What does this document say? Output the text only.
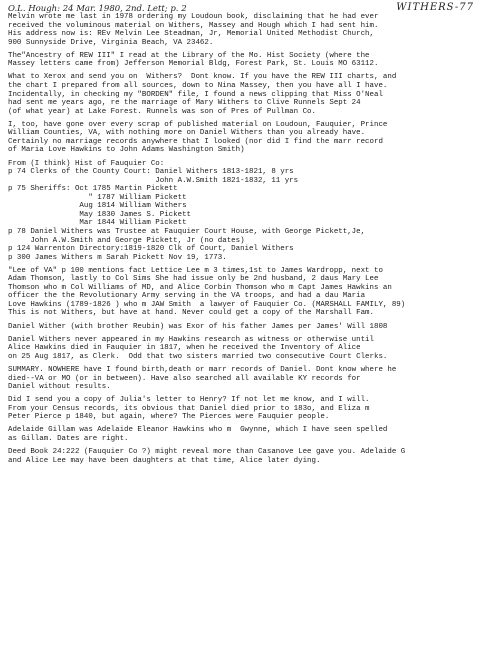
O.L. Hough: 24 Mar. 1980, 2nd. Lett; p. 2	WITHERS-77
Melvin wrote me last in 1978 ordering my Loudoun book, disclaiming that he had ever
received the voluminous material on Withers, Massey and Hough which I had sent him.
His address now is: REv Melvin Lee Steadman, Jr, Memorial United Methodist Church,
900 Sunnyside Drive, Virginia Beach, VA 23462.
The"Ancestry of REW III" I read at the Library of the Mo. Hist Society (where the
Massey letters came from) Jefferson Memorial Bldg, Forest Park, St. Louis MO 63112.
What to Xerox and send you on  Withers?  Dont know. If you have the REW III charts, and
the chart I prepared from all sources, down to Nina Massey, then you have all I have.
Incidentally, in checking my "BORDEN" file, I found a news clipping that Miss O'Neal
had sent me years ago, re the marriage of Mary Withers to Clive Runnels Sept 24
(of what year) at Lake Forest. Runnels was son of Pres of Pullman Co.
I, too, have gone over every scrap of published material on Loudoun, Fauquier, Prince
William Counties, VA, with nothing more on Daniel Withers than you already have.
Certainly no marriage records anywhere that I looked (nor did I find the marr record
of Maria Love Hawkins to John Adams Washington Smith)
From (I think) Hist of Fauquier Co:
p 74 Clerks of the County Court: Daniel Withers 1813-1821, 8 yrs
John A.W.Smith 1821-1832, 11 yrs
p 75 Sheriffs: Oct 1785 Martin Pickett
" 1787 William Pickett
Aug 1814 William Withers
May 1830 James S. Pickett
Mar 1844 William Pickett
p 78 Daniel Withers was Trustee at Fauquier Court House, with George Pickett,Je,
John A.W.Smith and George Pickett, Jr (no dates)
p 124 Warrenton Directory:1819-1820 Clk of Court, Daniel Withers
p 300 James Withers m Sarah Pickett Nov 19, 1773.
"Lee of VA" p 100 mentions fact Lettice Lee m 3 times,1st to James Wardropp, next to
Adam Thomson, lastly to Col Sims She had issue only be 2nd husband, 2 daus Mary Lee
Thomson who m Col Williams of MD, and Alice Corbin Thomson who m Capt James Hawkins an
officer the the Revolutionary Army serving in the VA troops, and had a dau Maria
Love Hawkins (1789-1826 ) who m JAW Smith  a lawyer of Fauquier Co. (MARSHALL FAMILY, 89)
This is not Withers, but have at hand. Never could get a copy of the Marshall Fam.
Daniel Wither (with brother Reubin) was Exor of his father James per James' Will 1808
Daniel Withers never appeared in my Hawkins research as witness or otherwise until
Alice Hawkins died in Fauquier in 1817, when he received the Inventory of Alice
on 25 Aug 1817, as Clerk.  Odd that two sisters married two consecutive Court Clerks.
SUMMARY. NOWHERE have I found birth,death or marr records of Daniel. Dont know where he
died--VA or MO (or in between). Have also searched all available KY records for
Daniel without results.
Did I send you a copy of Julia's letter to Henry? If not let me know, and I will.
From your Census records, its obvious that Daniel died prior to 183o, and Eliza m
Peter Pierce p 1840, but again, where? The Pierces were Fauquier people.
Adelaide Gillam was Adelaide Eleanor Hawkins who m  Gwynne, which I have seen spelled
as Gillam. Dates are right.
Deed Book 24:222 (Fauquier Co ?) might reveal more than Casanove Lee gave you. Adelaide G
and Alice Lee may have been daughters at that time, Alice later dying.
